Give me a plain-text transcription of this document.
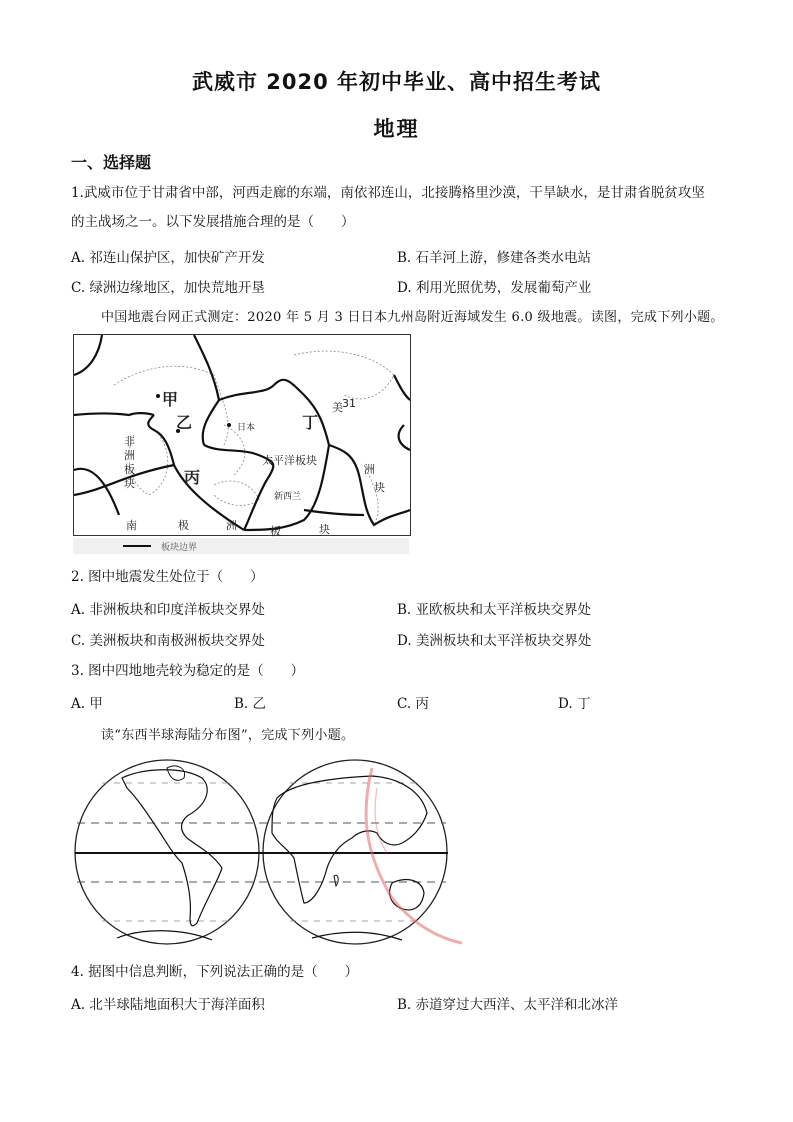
武威市 2020 年初中毕业、高中招生考试
地理
一、选择题
1.武威市位于甘肃省中部，河西走廊的东端，南依祁连山，北接腾格里沙漠，干旱缺水，是甘肃省脱贫攻坚
的主战场之一。以下发展措施合理的是（　　）
A. 祁连山保护区，加快矿产开发	B. 石羊河上游，修建各类水电站
C. 绿洲边缘地区，加快荒地开垦	D. 利用光照优势，发展葡萄产业
中国地震台网正式测定：2020 年 5 月 3 日日本九州岛附近海域发生 6.0 级地震。读图，完成下列小题。
甲
乙
丙
丁
日本
太平洋板块
新西兰
31
美
洲
块
非
洲
板
块
南	极	洲	板	块
板块边界
2. 图中地震发生处位于（　　）
A. 非洲板块和印度洋板块交界处	B. 亚欧板块和太平洋板块交界处
C. 美洲板块和南极洲板块交界处	D. 美洲板块和太平洋板块交界处
3. 图中四地地壳较为稳定的是（　　）
A. 甲	B. 乙	C. 丙	D. 丁
读“东西半球海陆分布图”，完成下列小题。
4. 据图中信息判断，下列说法正确的是（　　）
A. 北半球陆地面积大于海洋面积	B. 赤道穿过大西洋、太平洋和北冰洋
